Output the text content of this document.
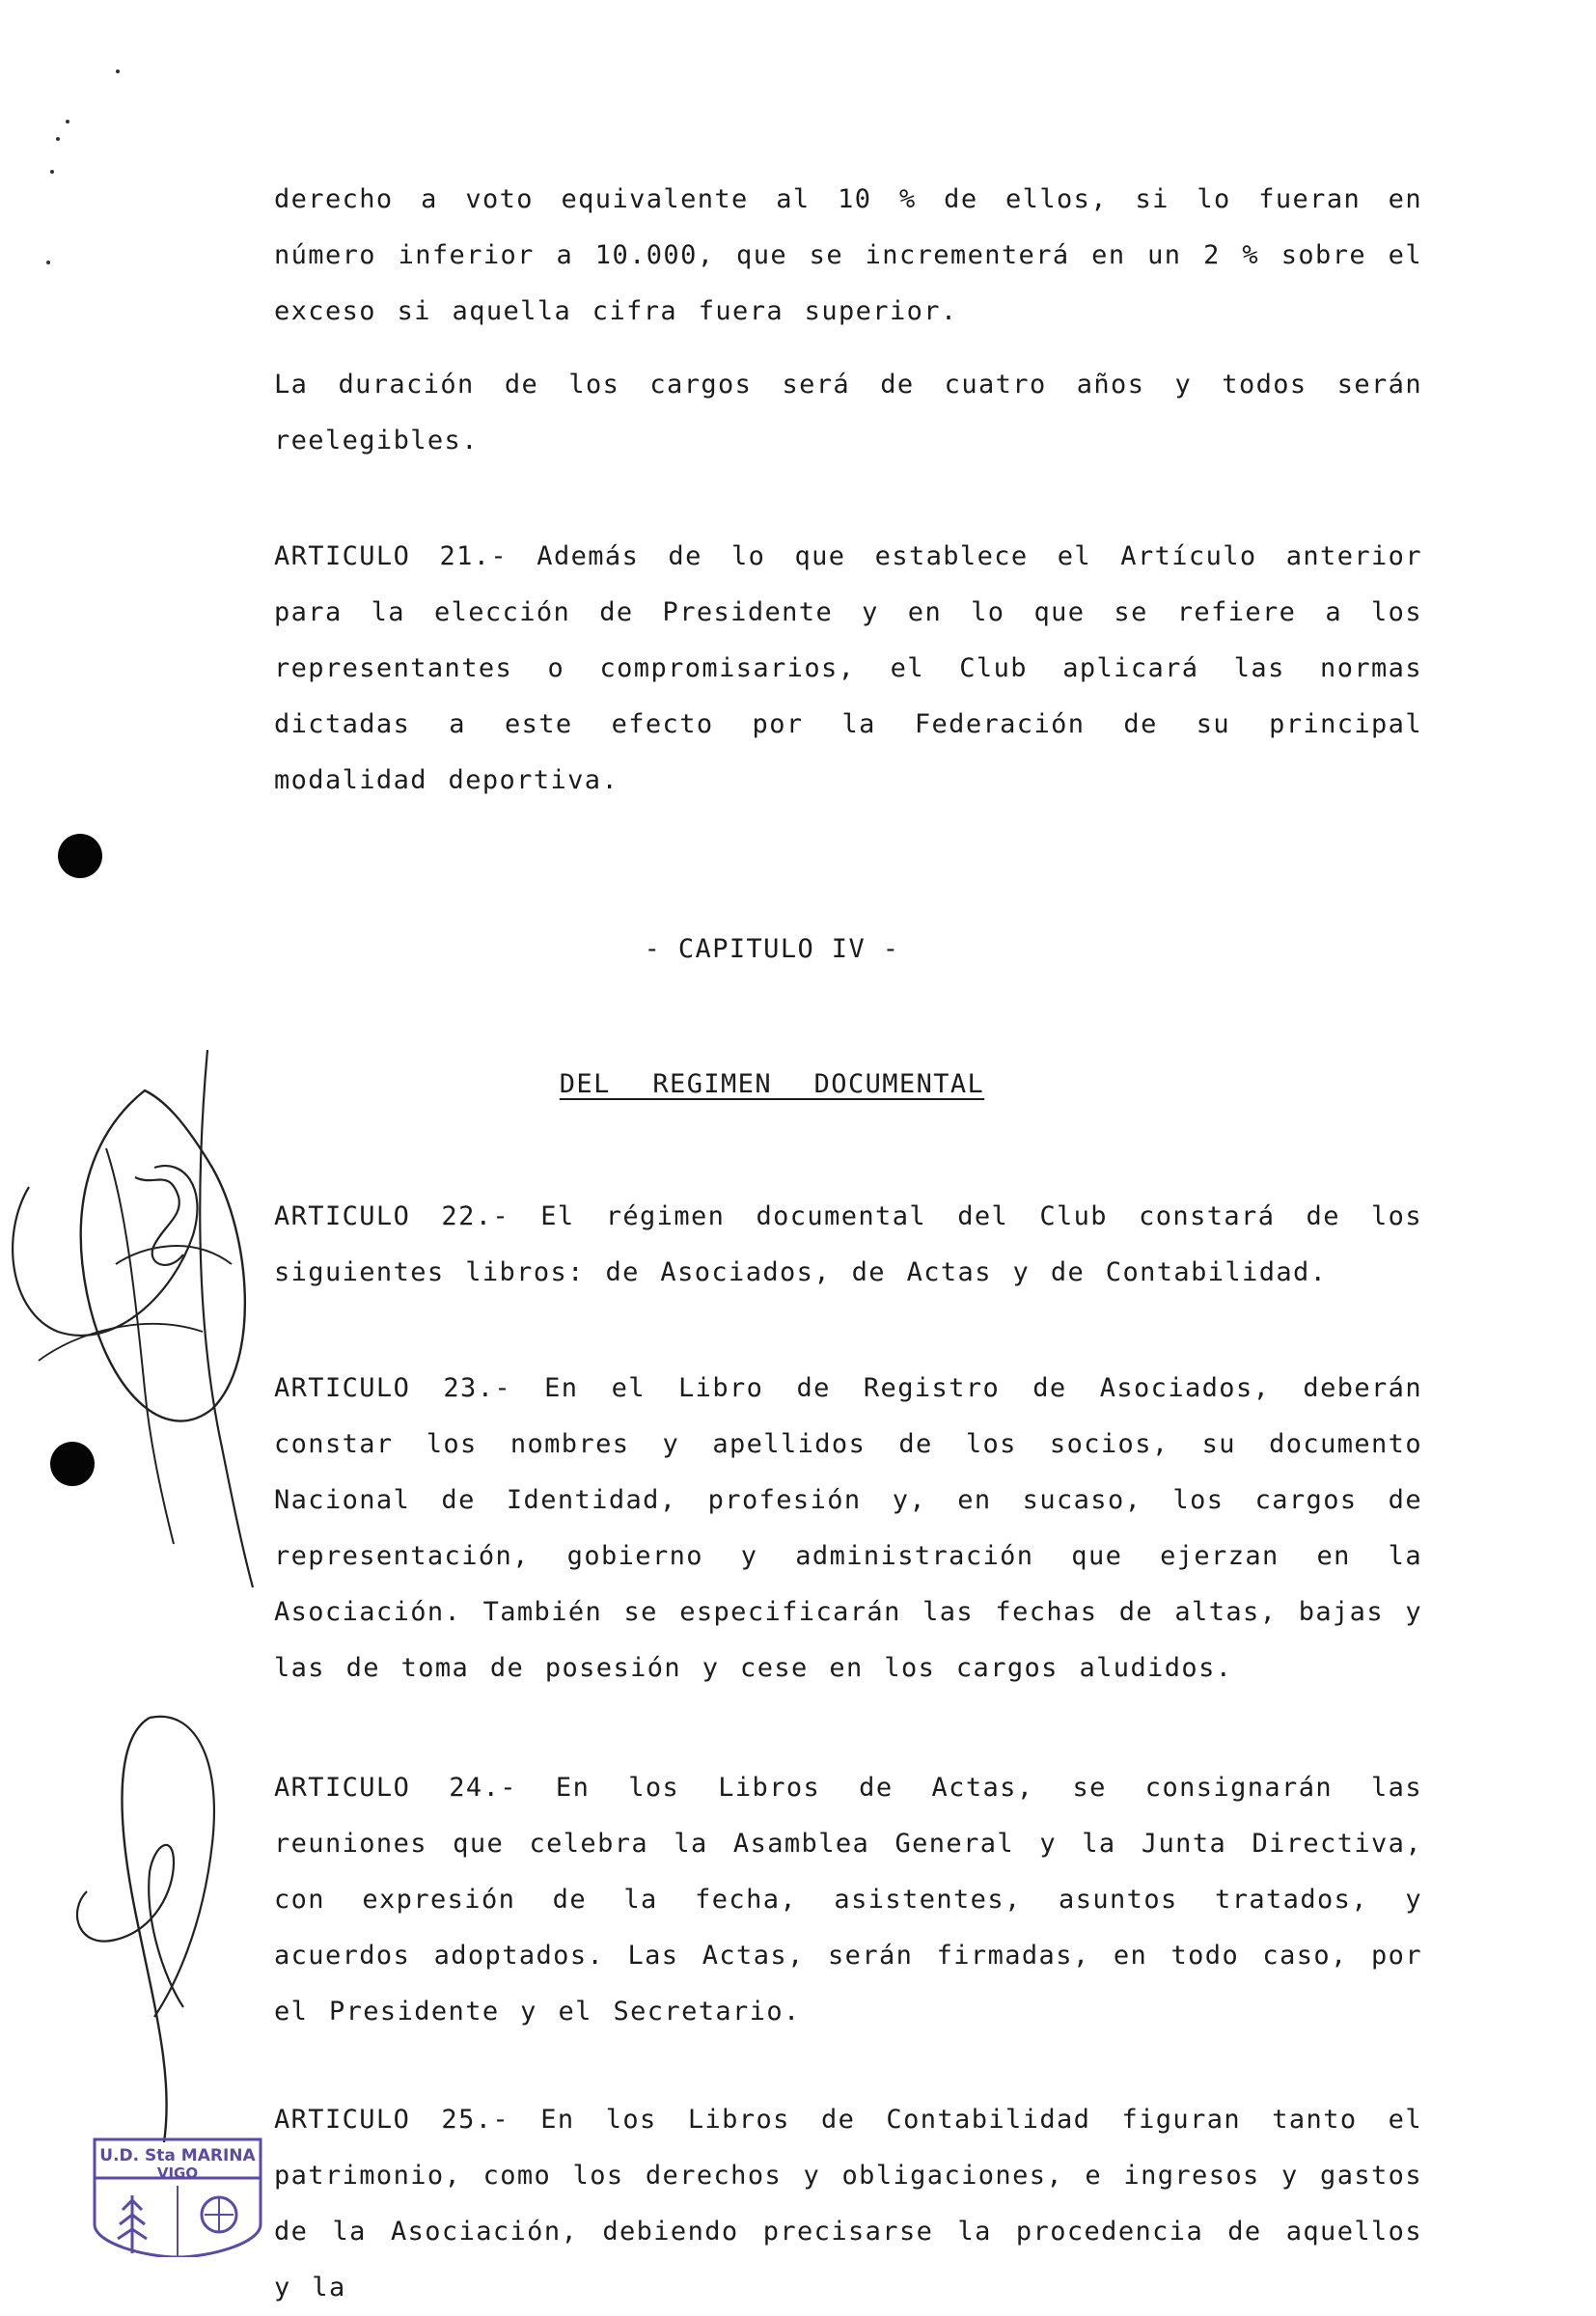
derecho a voto equivalente al 10 % de ellos, si lo fueran en número inferior a 10.000, que se incrementerá en un 2 % sobre el exceso si aquella cifra fuera superior.

La duración de los cargos será de cuatro años y todos serán reelegibles.

ARTICULO 21.- Además de lo que establece el Artículo anterior para la elección de Presidente y en lo que se refiere a los representantes o compromisarios, el Club aplicará las normas dictadas a este efecto por la Federación de su principal modalidad deportiva.

- CAPITULO IV -

DEL REGIMEN DOCUMENTAL

ARTICULO 22.- El régimen documental del Club constará de los siguientes libros: de Asociados, de Actas y de Contabilidad.

ARTICULO 23.- En el Libro de Registro de Asociados, deberán constar los nombres y apellidos de los socios, su documento Nacional de Identidad, profesión y, en sucaso, los cargos de representación, gobierno y administración que ejerzan en la Asociación. También se especificarán las fechas de altas, bajas y las de toma de posesión y cese en los cargos aludidos.

ARTICULO 24.- En los Libros de Actas, se consignarán las reuniones que celebra la Asamblea General y la Junta Directiva, con expresión de la fecha, asistentes, asuntos tratados, y acuerdos adoptados. Las Actas, serán firmadas, en todo caso, por el Presidente y el Secretario.

ARTICULO 25.- En los Libros de Contabilidad figuran tanto el patrimonio, como los derechos y obligaciones, e ingresos y gastos de la Asociación, debiendo precisarse la procedencia de aquellos y la

U.D. Sta MARINA
VIGO
